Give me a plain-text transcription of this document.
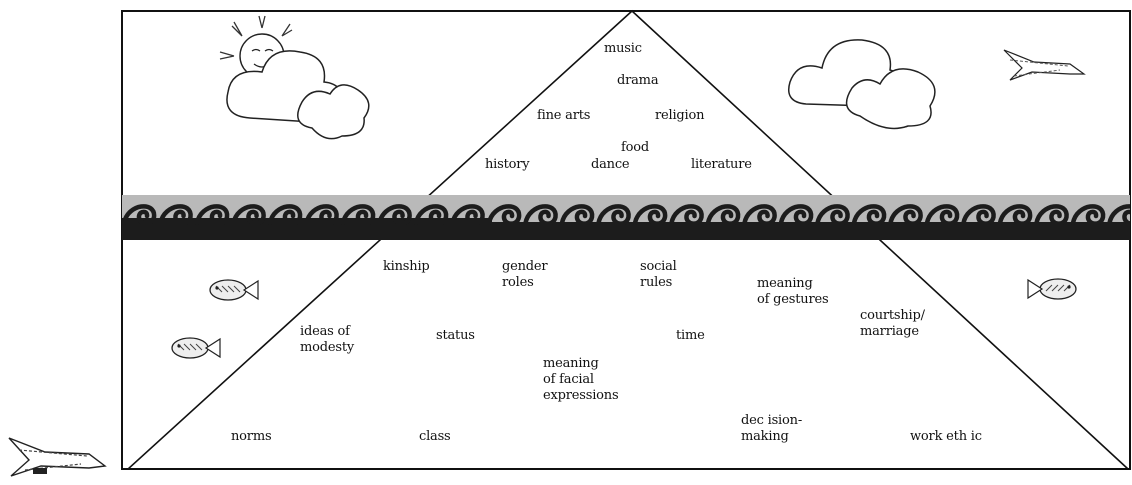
music
drama
fine arts	religion
food
history	dance	literature
kinship	gender
roles
social
rules	meaning
of gestures
courtship/
marriage
ideas of
modesty
status	time
meaning
of facial
expressions
norms	class
dec ision-
making	work eth ic
